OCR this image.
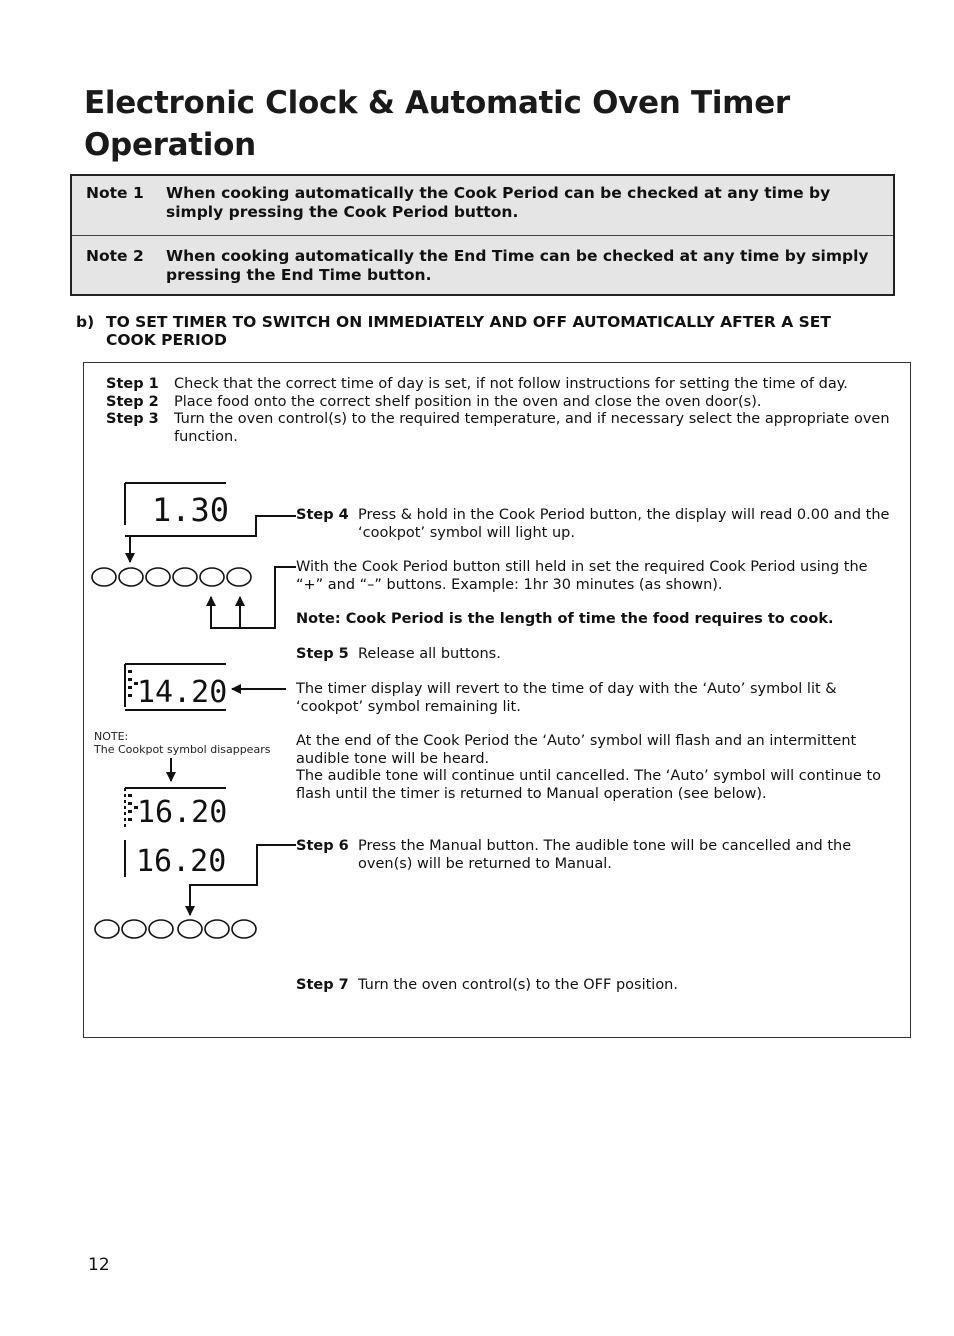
Electronic Clock & Automatic Oven Timer Operation
Note 1 When cooking automatically the Cook Period can be checked at any time by simply pressing the Cook Period button.
Note 2 When cooking automatically the End Time can be checked at any time by simply pressing the End Time button.
b) TO SET TIMER TO SWITCH ON IMMEDIATELY AND OFF AUTOMATICALLY AFTER A SET COOK PERIOD
Step 1 Check that the correct time of day is set, if not follow instructions for setting the time of day.
Step 2 Place food onto the correct shelf position in the oven and close the oven door(s).
Step 3 Turn the oven control(s) to the required temperature, and if necessary select the appropriate oven function.
Step 4 Press & hold in the Cook Period button, the display will read 0.00 and the ‘cookpot’ symbol will light up.
With the Cook Period button still held in set the required Cook Period using the “+” and “–” buttons. Example: 1hr 30 minutes (as shown).
Note: Cook Period is the length of time the food requires to cook.
Step 5 Release all buttons.
The timer display will revert to the time of day with the ‘Auto’ symbol lit & ‘cookpot’ symbol remaining lit.
At the end of the Cook Period the ‘Auto’ symbol will flash and an intermittent audible tone will be heard.
The audible tone will continue until cancelled. The ‘Auto’ symbol will continue to flash until the timer is returned to Manual operation (see below).
Step 6 Press the Manual button. The audible tone will be cancelled and the oven(s) will be returned to Manual.
Step 7 Turn the oven control(s) to the OFF position.
NOTE:
The Cookpot symbol disappears
1.30
14.20
16.20
16.20
12
